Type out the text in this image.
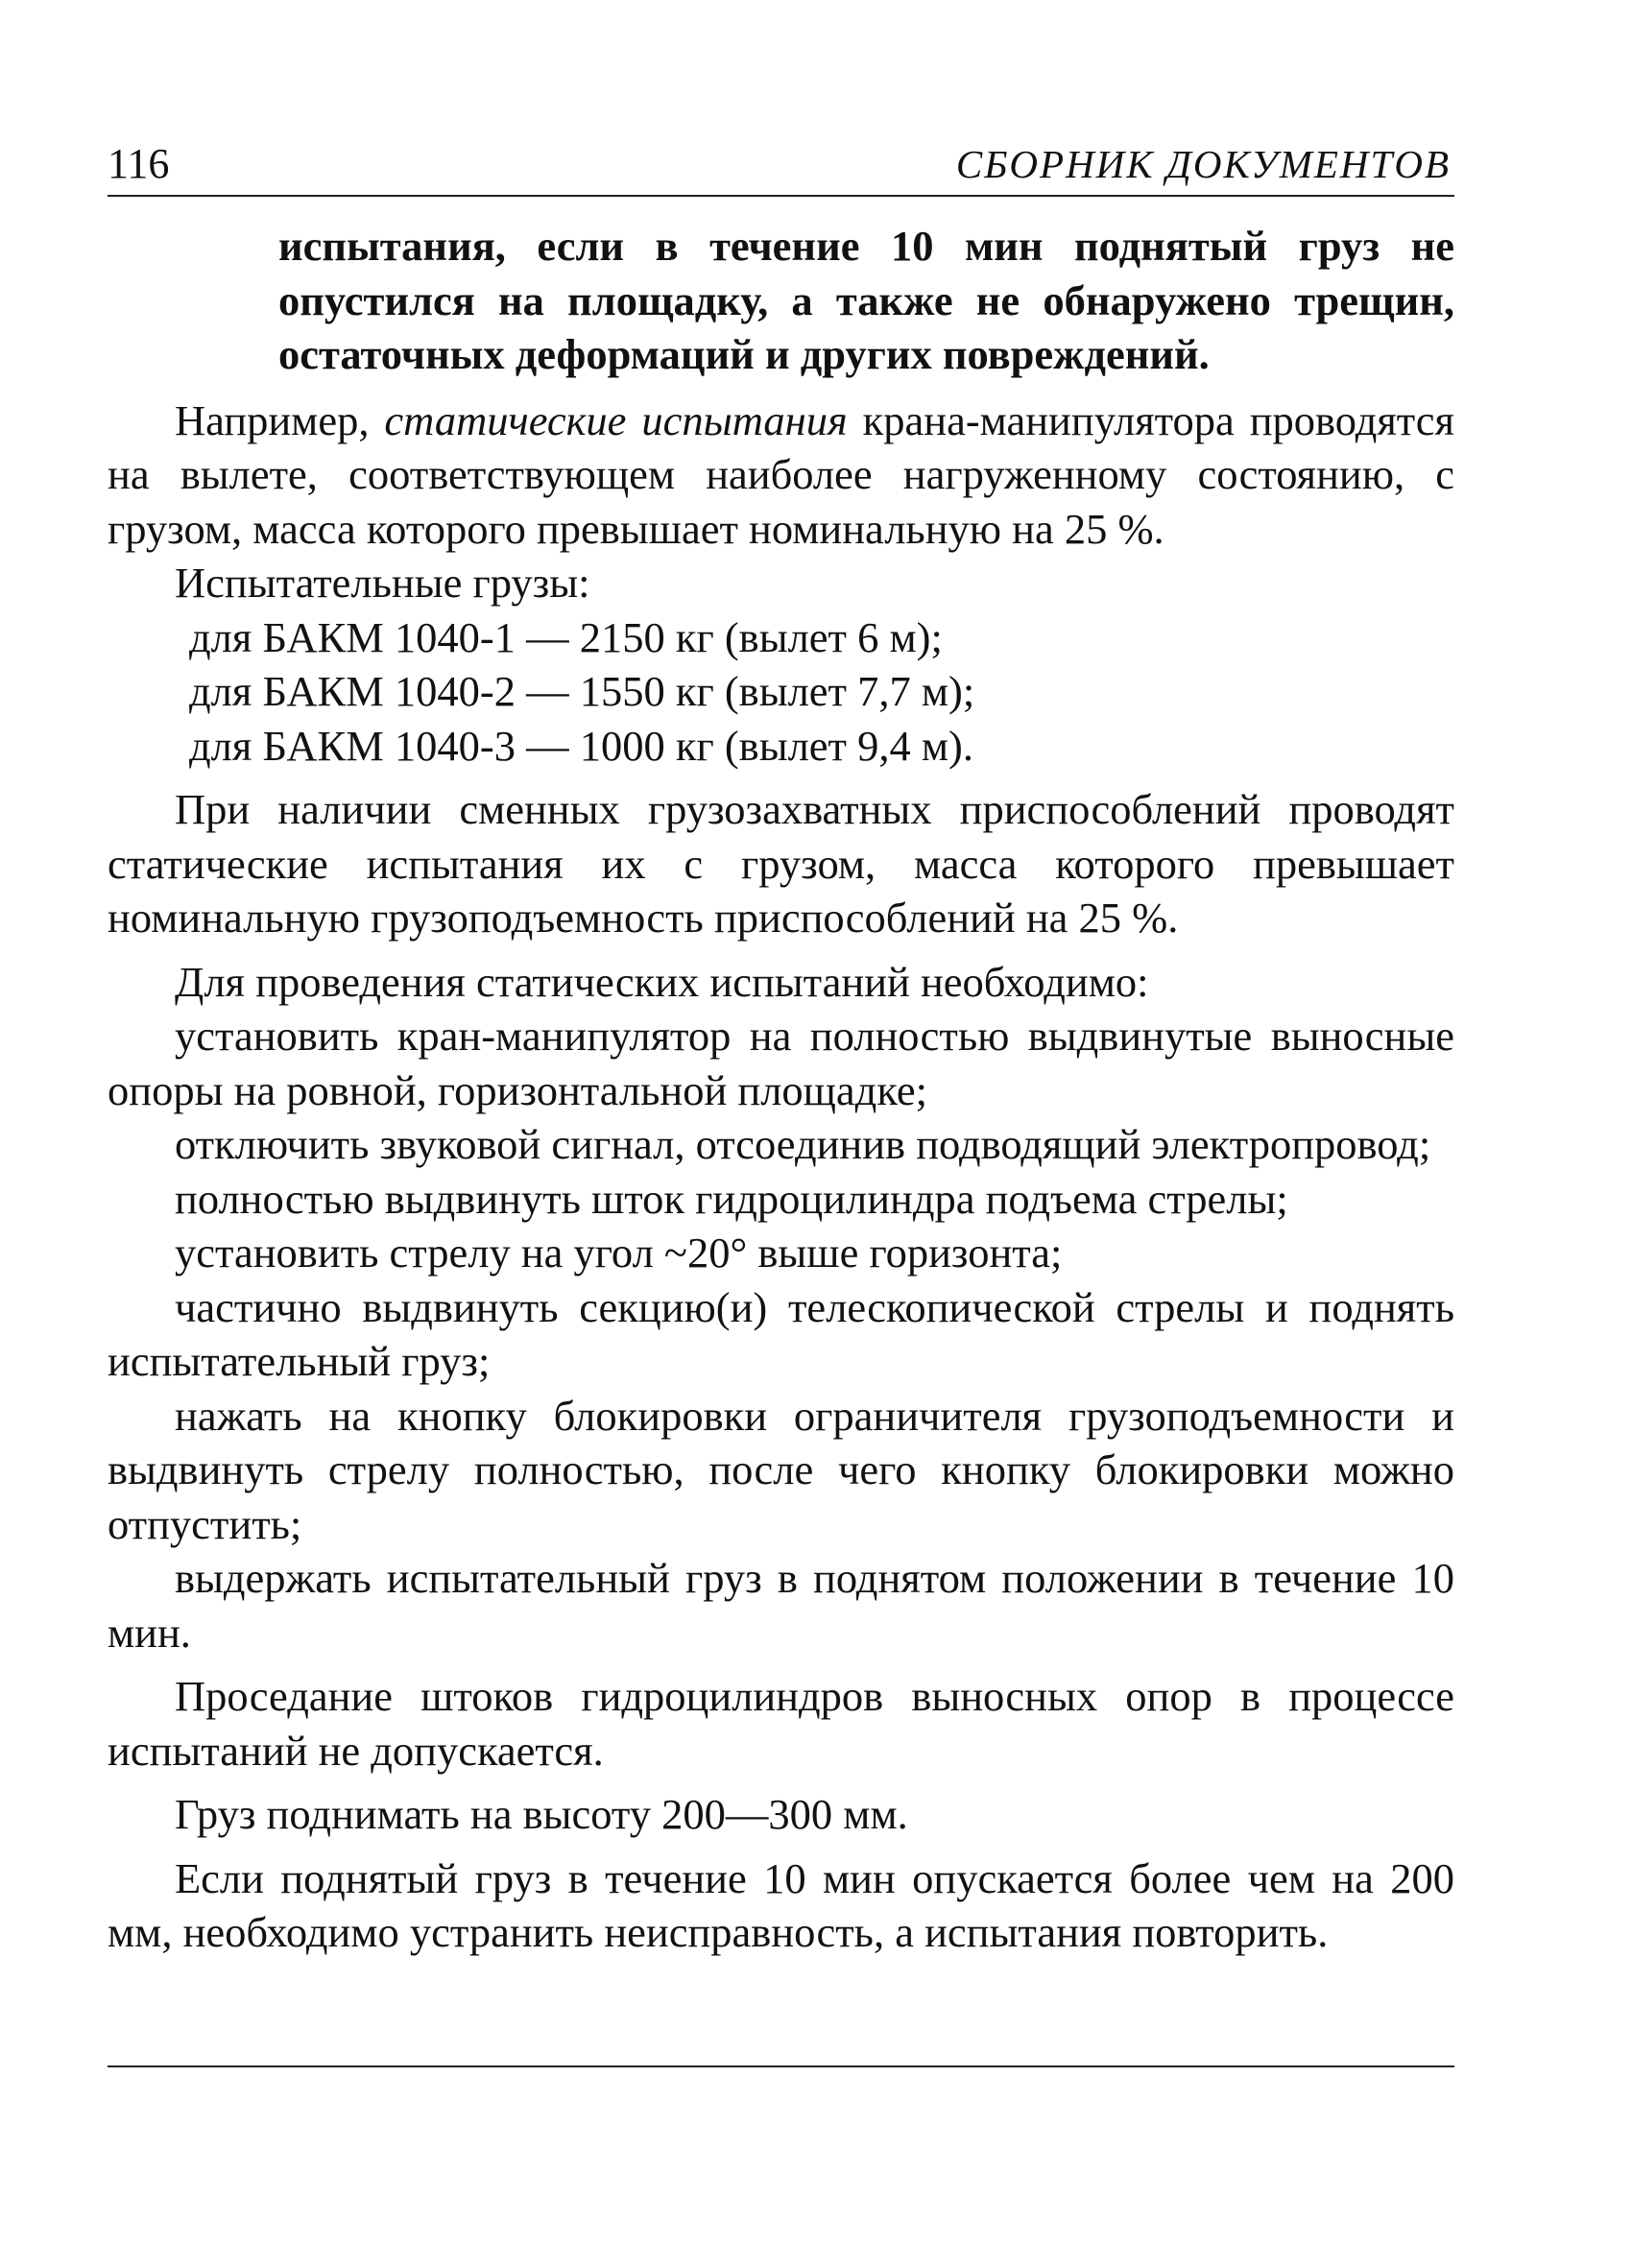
116	СБОРНИК ДОКУМЕНТОВ

испытания, если в течение 10 мин поднятый груз не опустился на площадку, а также не обнаружено трещин, остаточных деформаций и других повреждений.

Например, статические испытания крана-манипулятора проводятся на вылете, соответствующем наиболее нагруженному состоянию, с грузом, масса которого превышает номинальную на 25 %.

Испытательные грузы:

для БАКМ 1040-1 — 2150 кг (вылет 6 м);

для БАКМ 1040-2 — 1550 кг (вылет 7,7 м);

для БАКМ 1040-3 — 1000 кг (вылет 9,4 м).

При наличии сменных грузозахватных приспособлений проводят статические испытания их с грузом, масса которого превышает номинальную грузоподъемность приспособлений на 25 %.

Для проведения статических испытаний необходимо:

установить кран-манипулятор на полностью выдвинутые выносные опоры на ровной, горизонтальной площадке;

отключить звуковой сигнал, отсоединив подводящий электропровод;

полностью выдвинуть шток гидроцилиндра подъема стрелы;

установить стрелу на угол ~20° выше горизонта;

частично выдвинуть секцию(и) телескопической стрелы и поднять испытательный груз;

нажать на кнопку блокировки ограничителя грузоподъемности и выдвинуть стрелу полностью, после чего кнопку блокировки можно отпустить;

выдержать испытательный груз в поднятом положении в течение 10 мин.

Проседание штоков гидроцилиндров выносных опор в процессе испытаний не допускается.

Груз поднимать на высоту 200—300 мм.

Если поднятый груз в течение 10 мин опускается более чем на 200 мм, необходимо устранить неисправность, а испытания повторить.
